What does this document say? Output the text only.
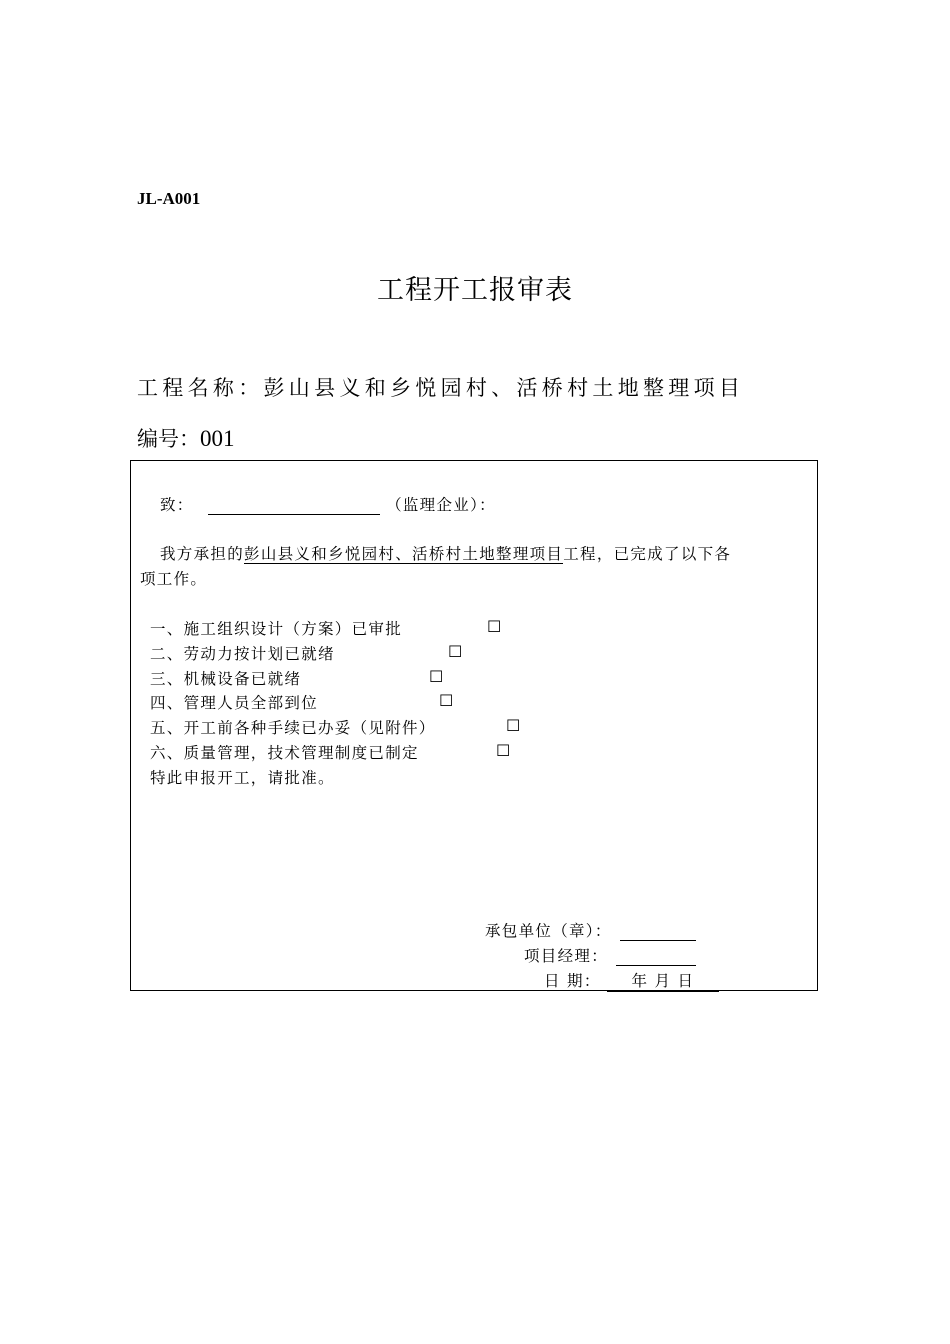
JL-A001
工程开工报审表
工程名称：彭山县义和乡悦园村、活桥村土地整理项目
编号：001
致：	（监理企业）：
我方承担的彭山县义和乡悦园村、活桥村土地整理项目工程，已完成了以下各
项工作。
一、施工组织设计（方案）已审批	☐
二、劳动力按计划已就绪	☐
三、机械设备已就绪	☐
四、管理人员全部到位	☐
五、开工前各种手续已办妥（见附件）	☐
六、质量管理，技术管理制度已制定	☐
特此申报开工，请批准。
承包单位（章）：
项目经理：
日 期： 年 月 日
